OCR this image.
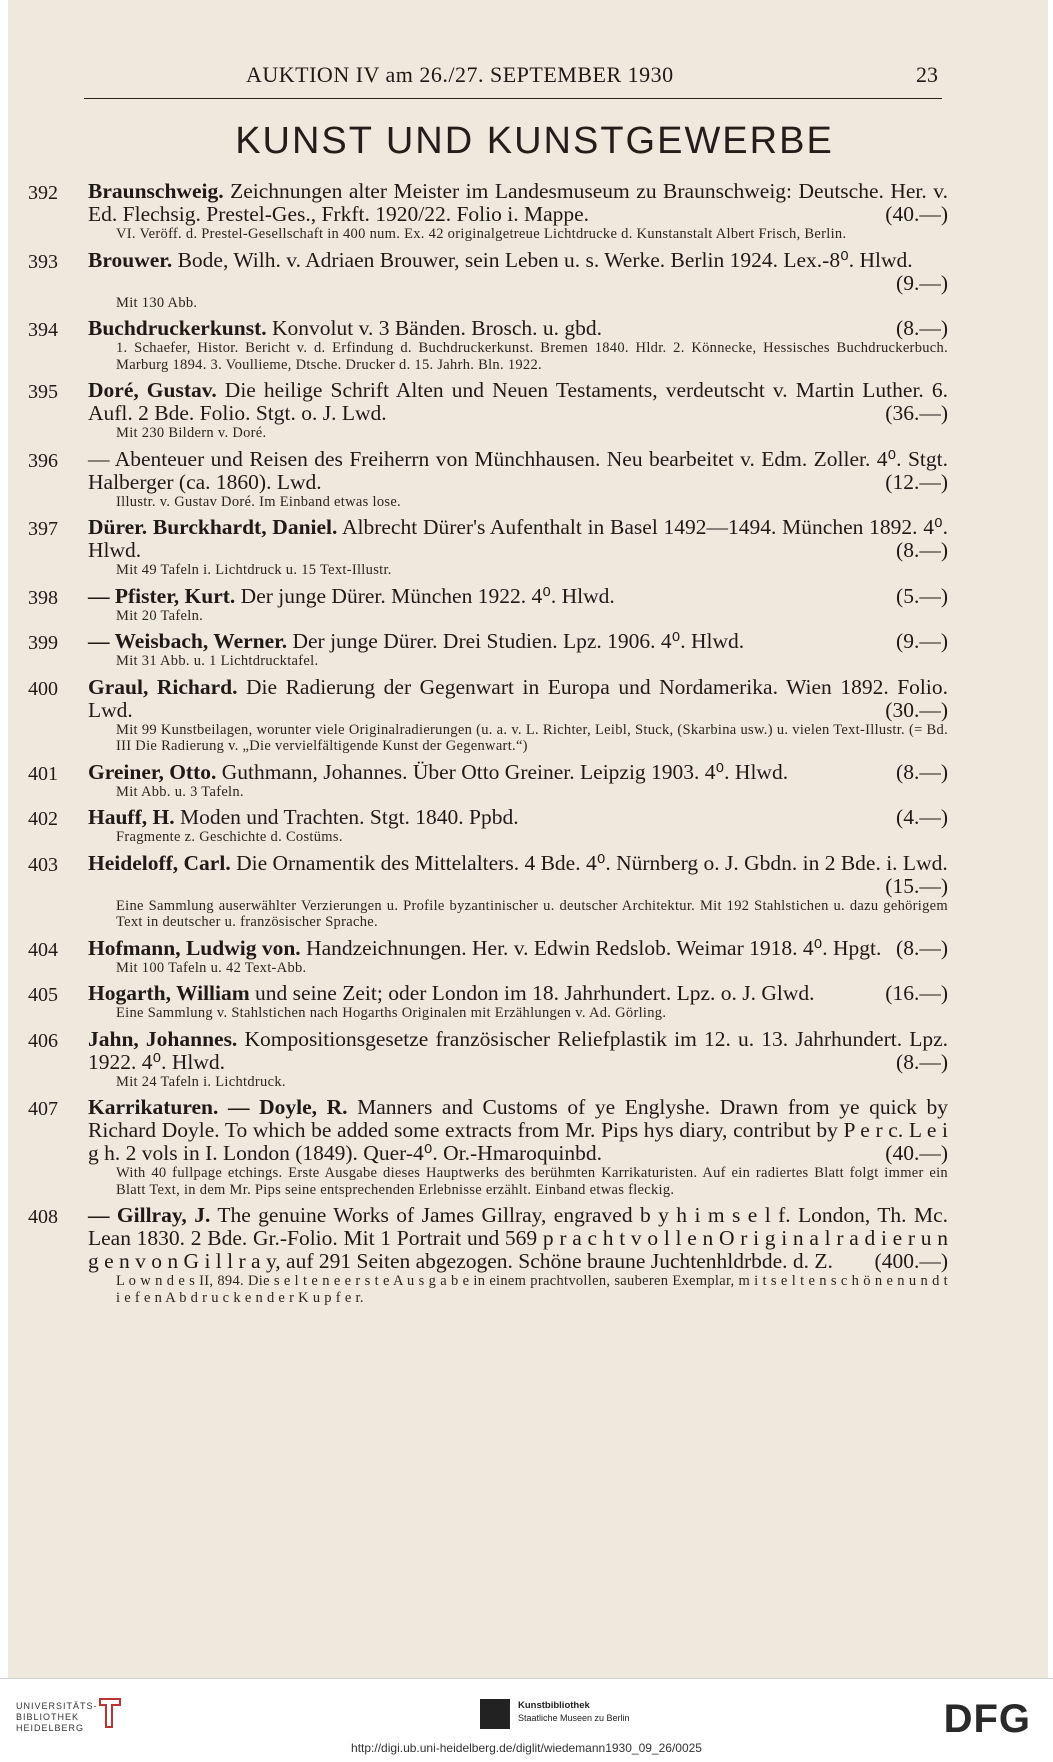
AUKTION IV am 26./27. SEPTEMBER 1930	23
KUNST UND KUNSTGEWERBE
392	Braunschweig. Zeichnungen alter Meister im Landesmuseum zu Braunschweig: Deutsche. Her. v. Ed. Flechsig. Prestel-Ges., Frkft. 1920/22. Folio i. Mappe.	(40.—)
VI. Veröff. d. Prestel-Gesellschaft in 400 num. Ex. 42 originalgetreue Lichtdrucke d. Kunstanstalt Albert Frisch, Berlin.
393	Brouwer. Bode, Wilh. v. Adriaen Brouwer, sein Leben u. s. Werke. Berlin 1924. Lex.-8⁰. Hlwd.
(9.—)
Mit 130 Abb.
394	Buchdruckerkunst. Konvolut v. 3 Bänden. Brosch. u. gbd.	(8.—)
1. Schaefer, Histor. Bericht v. d. Erfindung d. Buchdruckerkunst. Bremen 1840. Hldr. 2. Könnecke, Hessisches Buchdruckerbuch. Marburg 1894. 3. Voullieme, Dtsche. Drucker d. 15. Jahrh. Bln. 1922.
395	Doré, Gustav. Die heilige Schrift Alten und Neuen Testaments, verdeutscht v. Martin Luther. 6. Aufl. 2 Bde. Folio. Stgt. o. J. Lwd.	(36.—)
Mit 230 Bildern v. Doré.
396	— Abenteuer und Reisen des Freiherrn von Münchhausen. Neu bearbeitet v. Edm. Zoller. 4⁰. Stgt. Halberger (ca. 1860). Lwd.	(12.—)
Illustr. v. Gustav Doré. Im Einband etwas lose.
397	Dürer. Burckhardt, Daniel. Albrecht Dürer's Aufenthalt in Basel 1492—1494. München 1892. 4⁰. Hlwd.	(8.—)
Mit 49 Tafeln i. Lichtdruck u. 15 Text-Illustr.
398	— Pfister, Kurt. Der junge Dürer. München 1922. 4⁰. Hlwd.	(5.—)
Mit 20 Tafeln.
399	— Weisbach, Werner. Der junge Dürer. Drei Studien. Lpz. 1906. 4⁰. Hlwd.	(9.—)
Mit 31 Abb. u. 1 Lichtdrucktafel.
400	Graul, Richard. Die Radierung der Gegenwart in Europa und Nordamerika. Wien 1892. Folio. Lwd.	(30.—)
Mit 99 Kunstbeilagen, worunter viele Originalradierungen (u. a. v. L. Richter, Leibl, Stuck, (Skarbina usw.) u. vielen Text-Illustr. (= Bd. III Die Radierung v. „Die vervielfältigende Kunst der Gegenwart.“)
401	Greiner, Otto. Guthmann, Johannes. Über Otto Greiner. Leipzig 1903. 4⁰. Hlwd.	(8.—)
Mit Abb. u. 3 Tafeln.
402	Hauff, H. Moden und Trachten. Stgt. 1840. Ppbd.	(4.—)
Fragmente z. Geschichte d. Costüms.
403	Heideloff, Carl. Die Ornamentik des Mittelalters. 4 Bde. 4⁰. Nürnberg o. J. Gbdn. in 2 Bde. i. Lwd.
(15.—)
Eine Sammlung auserwählter Verzierungen u. Profile byzantinischer u. deutscher Architektur. Mit 192 Stahlstichen u. dazu gehörigem Text in deutscher u. französischer Sprache.
404	Hofmann, Ludwig von. Handzeichnungen. Her. v. Edwin Redslob. Weimar 1918. 4⁰. Hpgt. (8.—)
Mit 100 Tafeln u. 42 Text-Abb.
405	Hogarth, William und seine Zeit; oder London im 18. Jahrhundert. Lpz. o. J. Glwd.	(16.—)
Eine Sammlung v. Stahlstichen nach Hogarths Originalen mit Erzählungen v. Ad. Görling.
406	Jahn, Johannes. Kompositionsgesetze französischer Reliefplastik im 12. u. 13. Jahrhundert. Lpz. 1922. 4⁰. Hlwd.	(8.—)
Mit 24 Tafeln i. Lichtdruck.
407	Karrikaturen. — Doyle, R. Manners and Customs of ye Englyshe. Drawn from ye quick by Richard Doyle. To which be added some extracts from Mr. Pips hys diary, contribut by P e r c. L e i g h. 2 vols in I. London (1849). Quer-4⁰. Or.-Hmaroquinbd.	(40.—)
With 40 fullpage etchings. Erste Ausgabe dieses Hauptwerks des berühmten Karrikaturisten. Auf ein radiertes Blatt folgt immer ein Blatt Text, in dem Mr. Pips seine entsprechenden Erlebnisse erzählt. Einband etwas fleckig.
408	— Gillray, J. The genuine Works of James Gillray, engraved b y h i m s e l f. London, Th. Mc. Lean 1830. 2 Bde. Gr.-Folio. Mit 1 Portrait und 569 p r a c h t v o l l e n O r i g i n a l r a d i e r u n g e n v o n G i l l r a y, auf 291 Seiten abgezogen. Schöne braune Juchtenhldrbde. d. Z. (400.—)
L o w n d e s II, 894. Die s e l t e n e e r s t e A u s g a b e in einem prachtvollen, sauberen Exemplar, m i t s e l t e n s c h ö n e n u n d t i e f e n A b d r u c k e n d e r K u p f e r.
UNIVERSITÄTS-
BIBLIOTHEK
HEIDELBERG
Kunstbibliothek
Staatliche Museen zu Berlin	DFG
http://digi.ub.uni-heidelberg.de/diglit/wiedemann1930_09_26/0025
